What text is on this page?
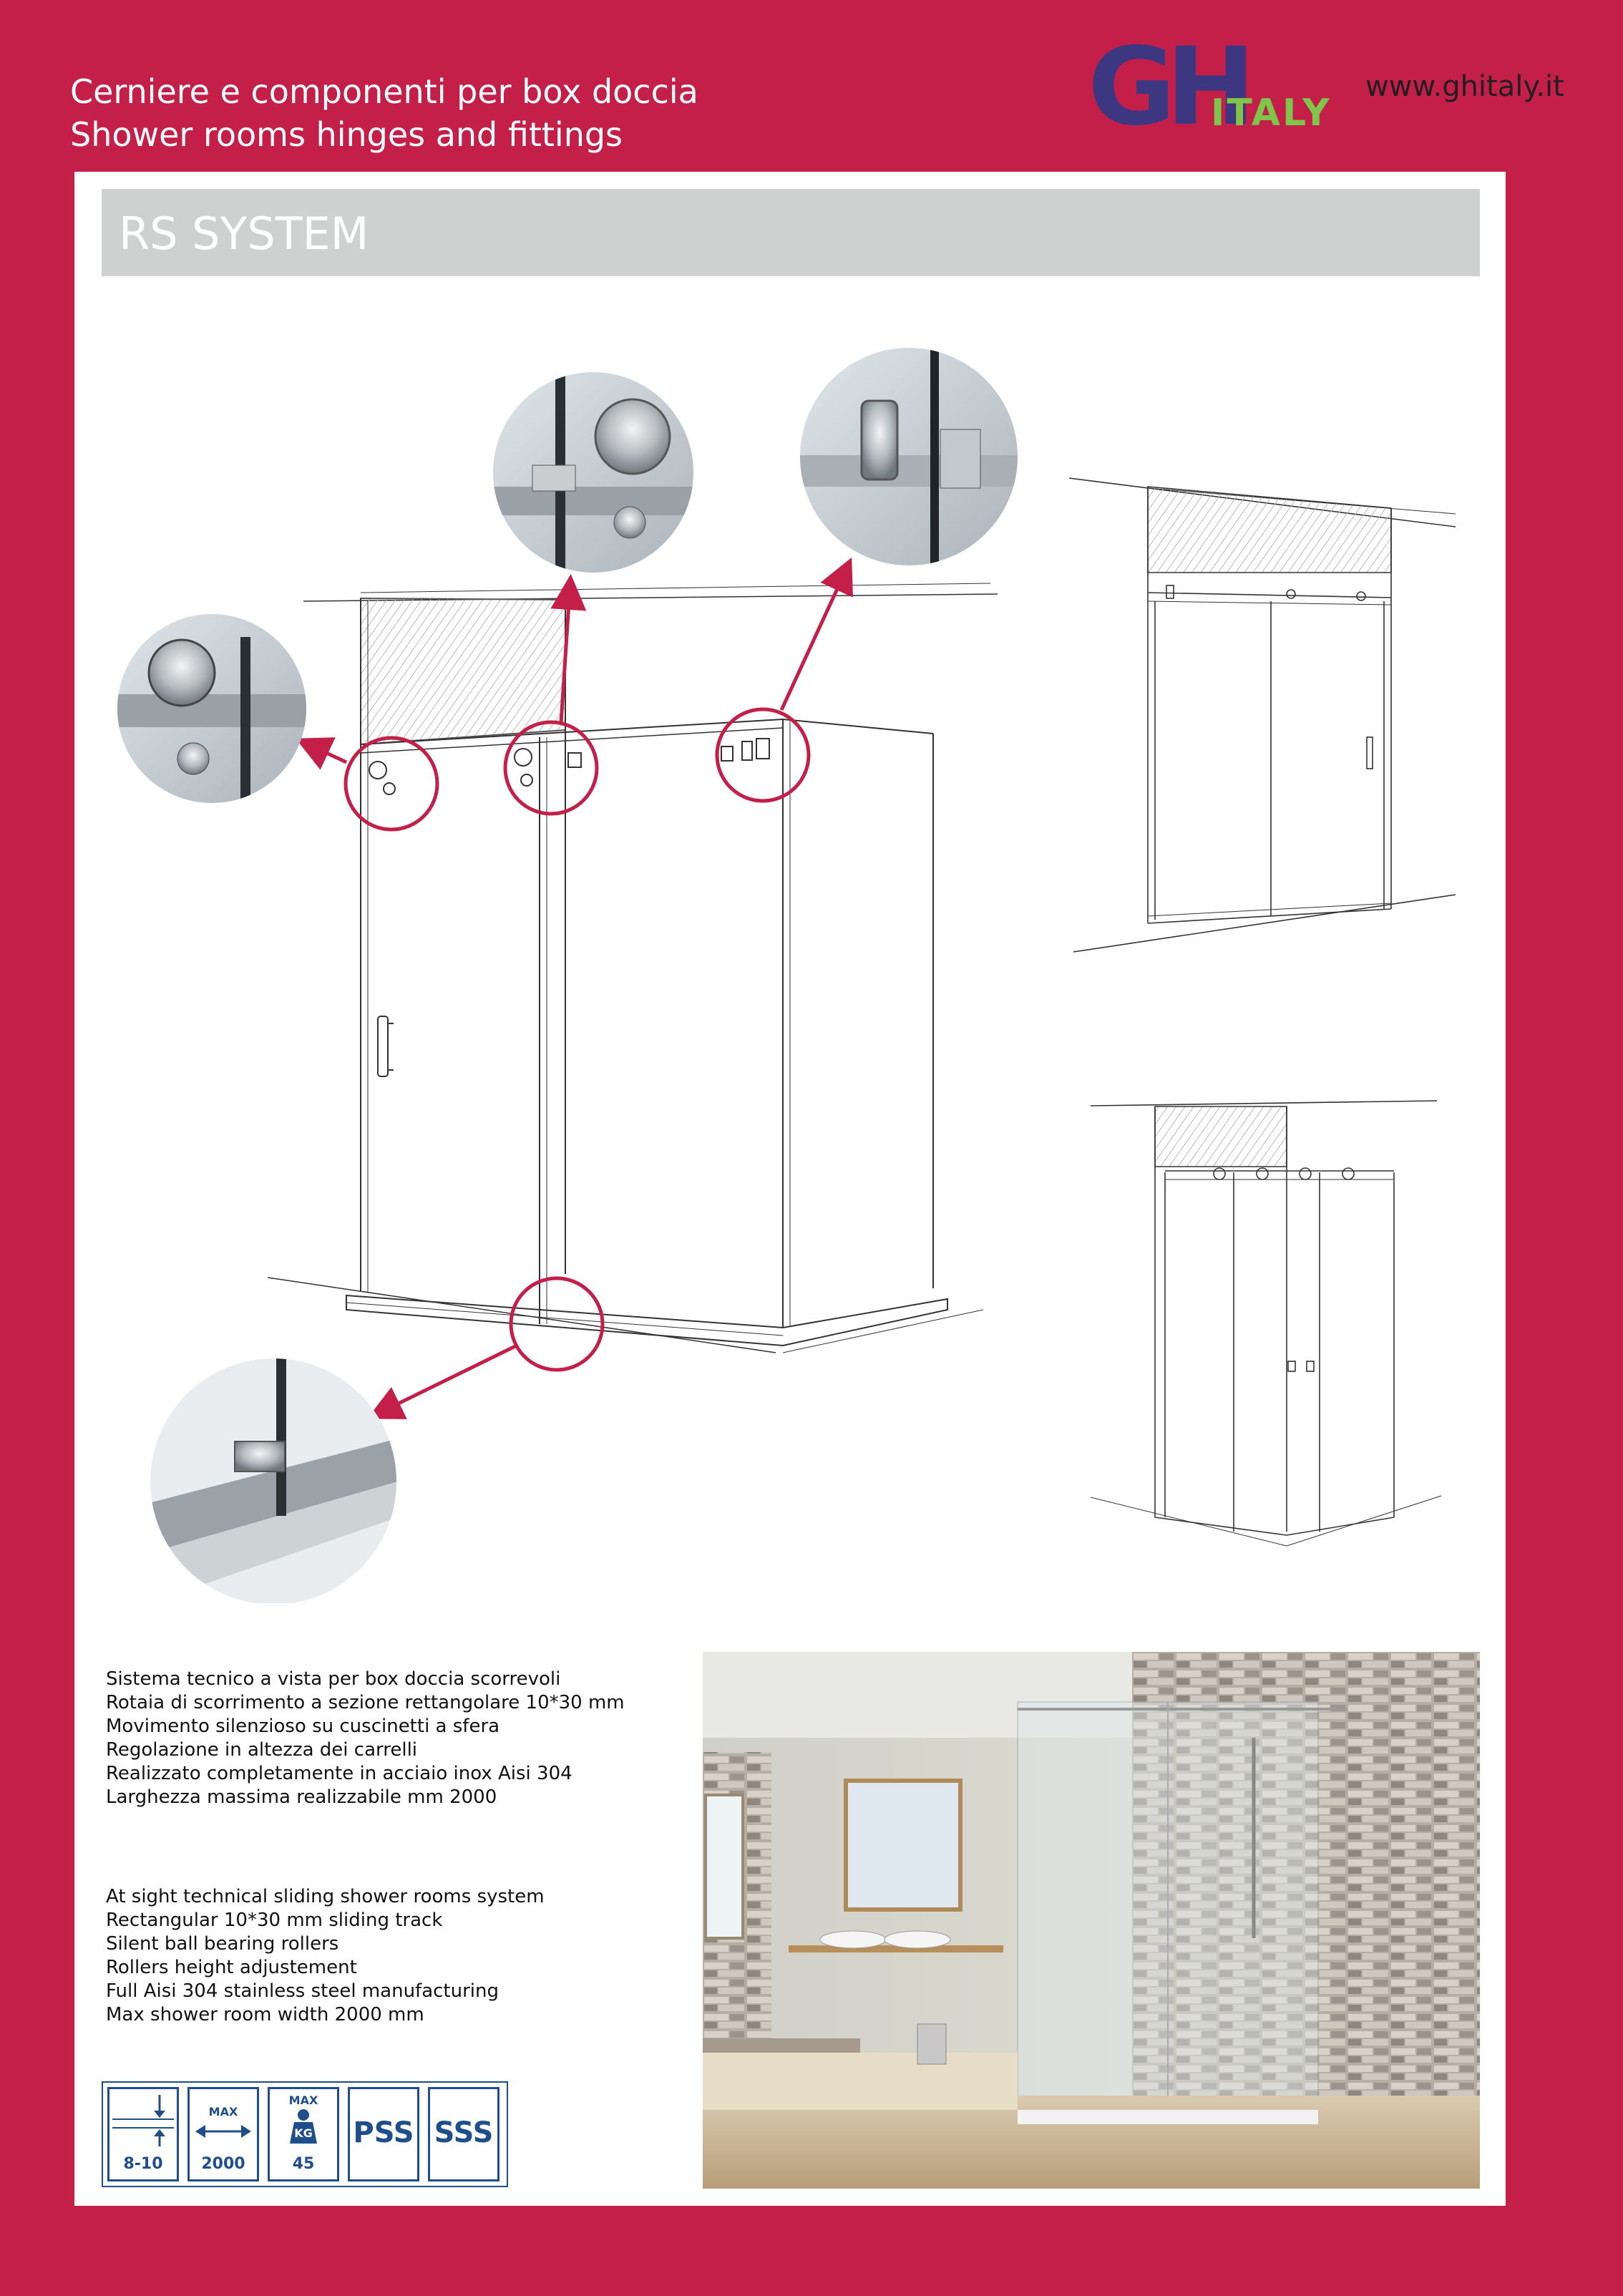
Cerniere e componenti per box doccia
Shower rooms hinges and fittings	GH
ITALY
www.ghitaly.it
RS SYSTEM
Sistema tecnico a vista per box doccia scorrevoli
Rotaia di scorrimento a sezione rettangolare 10*30 mm
Movimento silenzioso su cuscinetti a sfera
Regolazione in altezza dei carrelli
Realizzato completamente in acciaio inox Aisi 304
Larghezza massima realizzabile mm 2000
At sight technical sliding shower rooms system
Rectangular 10*30 mm sliding track
Silent ball bearing rollers
Rollers height adjustement
Full Aisi 304 stainless steel manufacturing
Max shower room width 2000 mm
8-10
MAX
2000
MAX
KG
45
PSS SSS
